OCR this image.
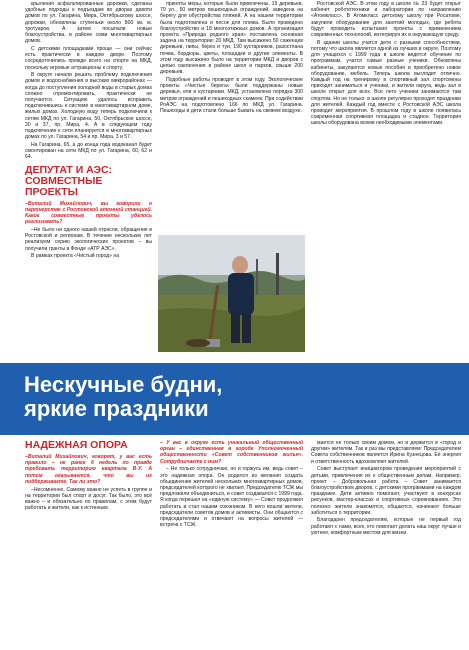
крыления асфальтированные дорожки, сделаны удобные подходы к подъездам во дворах девяти домов по ул. Гагарина, Мира, Октябрьскому шоссе, дорожки, обновлены ступеньки около 800 кв. м. тротуаров. А затем посыпали новые благоустройства. в районе семи многоквартирных домов.

С детскими площадками проще — они сейчас есть практически в каждом дворе. Поэтому сосредоточились прежде всего на спорте на МКД, поскольку игровые аттракционы к спорту.

В округе начали решать проблему подключения домов и водоснабжения в высоких микрорайонах — когда до поступления холодной воды в старых домах сложно отремонтировать, практически не получается. Ситуацию удалось исправить подключившись к системе в многоквартирном доме, жилых домах. Холодную воду теперь подключили к сетям МКД по ул. Гагарина, 50, Октябрьское шоссе, 30 и 37, пр. Мира, 4. А в следующем году подключение к сети планируется в многоквартирных домах по ул. Гагарина, 54 и пр. Мира, 3 и 57.

На Гагарина, 65, а до конца года водоканал будет смонтирован на сети МКД по ул. Гагарина, 60, 62 и 64.

ДЕПУТАТ И АЭС: СОВМЕСТНЫЕ ПРОЕКТЫ

–Виталий Михайлович, вы говорили о партнерстве с Ростовской атомной станцией. Какие совместные проекты удалось реализовать?

–Не было ни одного нашей отрасли, обращения в Ростовской и регионам. В течение нескольких лет реализуем серию экологических проектов – вы получили гранты в Фонде «АТР АЭС».

В рамках проекта «Чистый город» на

приняты меры, которые были привлечены, 15 деревьев, 70 ул., 50 метров пешеходных ограждений, заведена на берегу для обустройства пляжей. А на нашем территории была подготовлена и песок для пляжа. Было проведено благоустройство и 18 многоэтажных домов. А организация проекта «Природа родного края» поставлена основная задача на территории: 20 МКД. Там высажено 50 саженцев деревьев, липы, берез и туи, 190 кустарников, разостлана почва, бордюры, цветы, площадки и другие элементы. В этом году высажено было на территории МКД и дворов с целью озеленения в районе школ и парков, свыше 200 деревьев.

Подобные работы проводят в этом году. Экологические проекты «Чистые берега» были поддержаны новые деревья, ели и кустарники. МКД, установлено порядка 300 метров ограждений и пешеходных скамеек. При содействии РоАЭС на подготовлено 166 по МКД ул. Гагарина. Пешеходы и дети стали больше бывать на свежем воздухе.

Ростовской АЭС. В этом году в школе № 23 будет открыт кабинет робототехники и лаборатории по направлению «Атомкласс». В Атомкласс детскому школу при Росатоме, закупили оборудование для занятий молодых, где ребята будут проводить испытания проекты с применением современных технологий, интегрируя их в окружающую среду.

В здании школы учатся дети с разными способностями, потому что школа является одной из лучших в округе. Поэтому для учащихся с 1999 года в школе ведется обучение по программам, учатся самые разные ученики. Обновлены кабинеты, закупаются новые пособия и приобретено новое оборудование, мебель. Теперь школа выглядит отлично. Каждый год на тренировку в спортивный зал спортсмены приходят заниматься и ученики, и жители округа, ведь зал в школе открыт для всех. Все лето ученики занимаются там спортом. Но не только: в школе регулярно проходят праздники для жителей. Каждый год вместе с Ростовской АЭС школа проводит мероприятия. В прошлом году в школе появилась современная спортивная площадка и стадион. Территория школы оборудована всеми необходимыми элементами.

Нескучные будни,
яркие праздники
НАДЕЖНАЯ ОПОРА

–Виталий Михайлович, говорят, у вас есть правило – не ранее 6 недель по правде требовать территорию квартала В-У. А потом оказывается, что вы их поддерживаете. Так ли это?

–Несомненно. Самому важно не успеть в группе и на территории был спорт и досуг. Так было, это всё важно – и обязательно по правилам, с этим будут работать и жители, как к истинным.

– У вас в округе есть уникальный общественный орган – единственная в городе Уполномоченный общественности «Совет собственников жилья». Сотрудничаете с ним?

– Не только сотрудничаю, но и горжусь им, ведь совет – это надежная опора. Он родился из желания создать объединение жителей нескольких многоквартирных домов, председателей которого не хватает. Председателю ТСЖ мы предложили объединиться, и совет создавался с 1999 года. Я когда перешел на «единую систему» — Совет продолжил работать и стал нашим союзником. В него вошли жители, председатели советов домов и активисты. Они общаются с председателями и отвечают на вопросы жителей — встреча с ТСЖ.

мается не только своим домом, но и держится в «город и другим» жителям. Так и раз мы представляем: Председателем Совета собственников является Ирина Кузнецова. Её энергия и ответственность вдохновляют жителей.

Совет выступает инициатором проведения мероприятий с детьми, привлечения их к общественным делам. Например, проект – Добровольная работа – Совет занимается благоустройством дворов, с детскими программами на каждом празднике. Дети активно помогают, участвуют в конкурсах рисунков, мастер-классах и спортивных соревнованиях. Это полезно: жители знакомятся, общаются, начинают больше заботиться о территории.

Благодарен председателям, которые не первый год работают с нами, всех, кто помогает делать наш округ лучше и уютнее, комфортным местом для жизни.
